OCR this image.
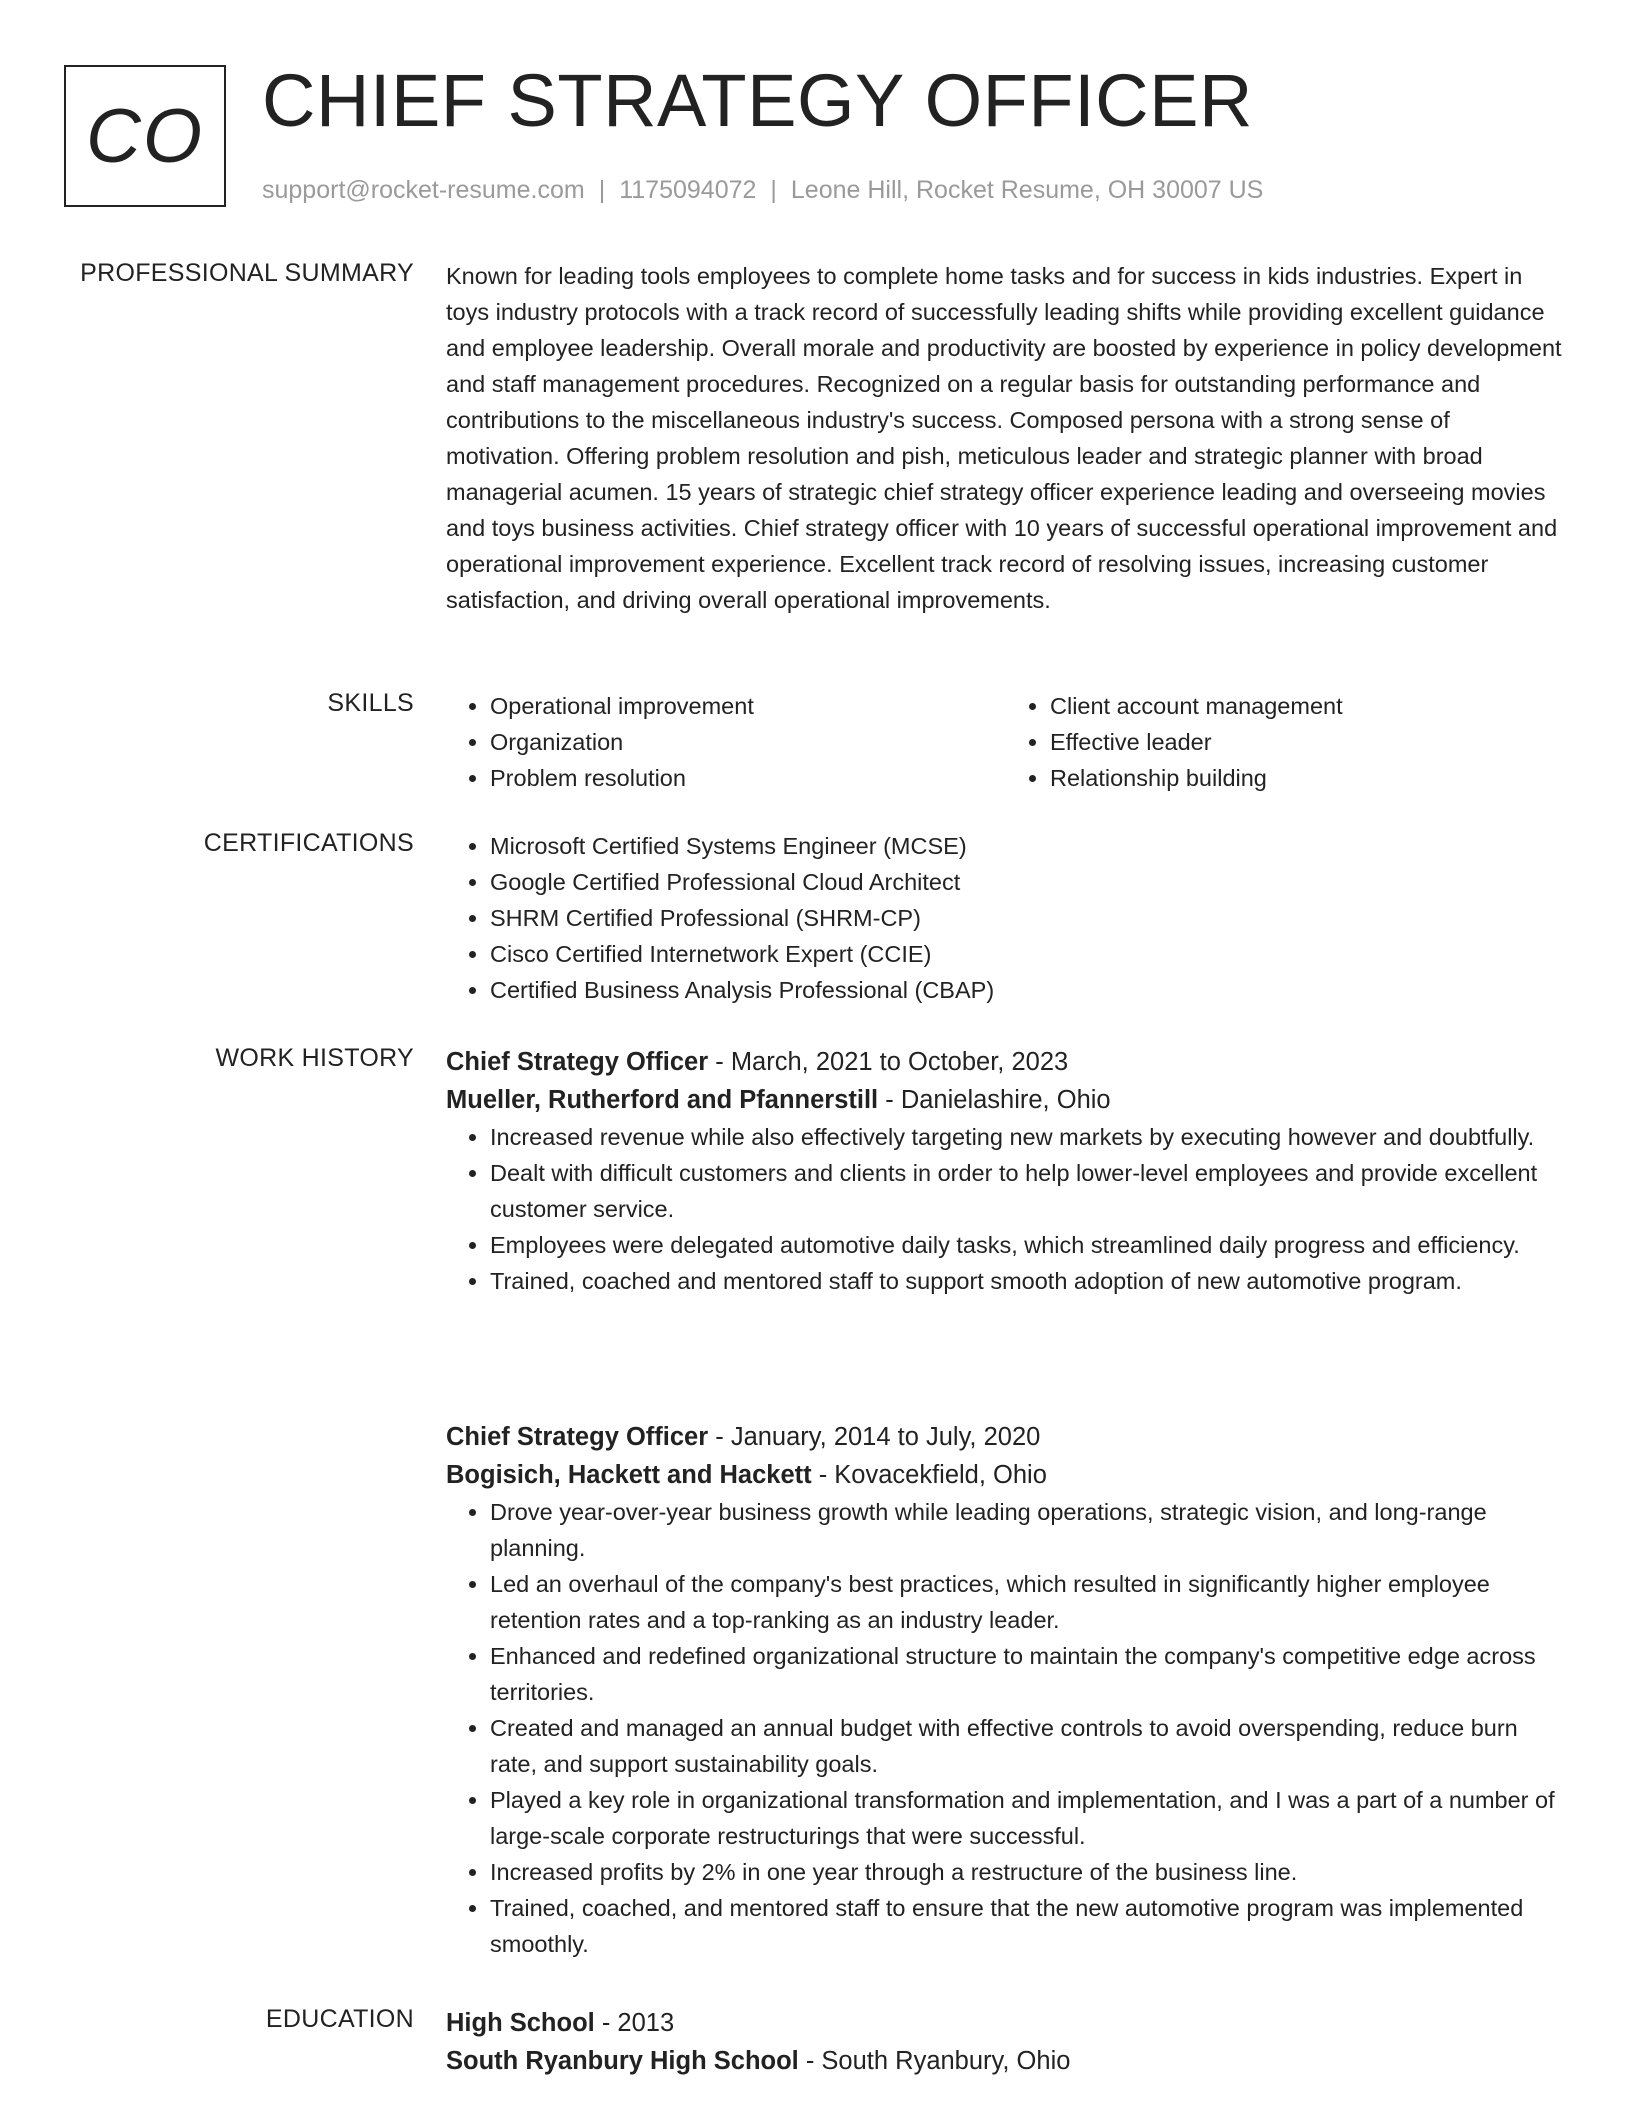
CO CHIEF STRATEGY OFFICER
support@rocket-resume.com | 1175094072 | Leone Hill, Rocket Resume, OH 30007 US
PROFESSIONAL SUMMARY Known for leading tools employees to complete home tasks and for success in kids industries. Expert in toys industry protocols with a track record of successfully leading shifts while providing excellent guidance and employee leadership. Overall morale and productivity are boosted by experience in policy development and staff management procedures. Recognized on a regular basis for outstanding performance and contributions to the miscellaneous industry's success. Composed persona with a strong sense of motivation. Offering problem resolution and pish, meticulous leader and strategic planner with broad managerial acumen. 15 years of strategic chief strategy officer experience leading and overseeing movies and toys business activities. Chief strategy officer with 10 years of successful operational improvement and operational improvement experience. Excellent track record of resolving issues, increasing customer satisfaction, and driving overall operational improvements.

SKILLS	• Operational improvement
• Organization
• Problem resolution
• Client account management
• Effective leader
• Relationship building
CERTIFICATIONS	• Microsoft Certified Systems Engineer (MCSE)
• Google Certified Professional Cloud Architect
• SHRM Certified Professional (SHRM-CP)
• Cisco Certified Internetwork Expert (CCIE)
• Certified Business Analysis Professional (CBAP)
WORK HISTORY Chief Strategy Officer - March, 2021 to October, 2023
Mueller, Rutherford and Pfannerstill - Danielashire, Ohio
• Increased revenue while also effectively targeting new markets by executing however and doubtfully.
• Dealt with difficult customers and clients in order to help lower-level employees and provide excellent customer service.
• Employees were delegated automotive daily tasks, which streamlined daily progress and efficiency.
• Trained, coached and mentored staff to support smooth adoption of new automotive program.
Chief Strategy Officer - January, 2014 to July, 2020
Bogisich, Hackett and Hackett - Kovacekfield, Ohio
• Drove year-over-year business growth while leading operations, strategic vision, and long-range planning.
• Led an overhaul of the company's best practices, which resulted in significantly higher employee retention rates and a top-ranking as an industry leader.
• Enhanced and redefined organizational structure to maintain the company's competitive edge across territories.
• Created and managed an annual budget with effective controls to avoid overspending, reduce burn rate, and support sustainability goals.
• Played a key role in organizational transformation and implementation, and I was a part of a number of large-scale corporate restructurings that were successful.
• Increased profits by 2% in one year through a restructure of the business line.
• Trained, coached, and mentored staff to ensure that the new automotive program was implemented smoothly.
EDUCATION High School - 2013
South Ryanbury High School - South Ryanbury, Ohio
